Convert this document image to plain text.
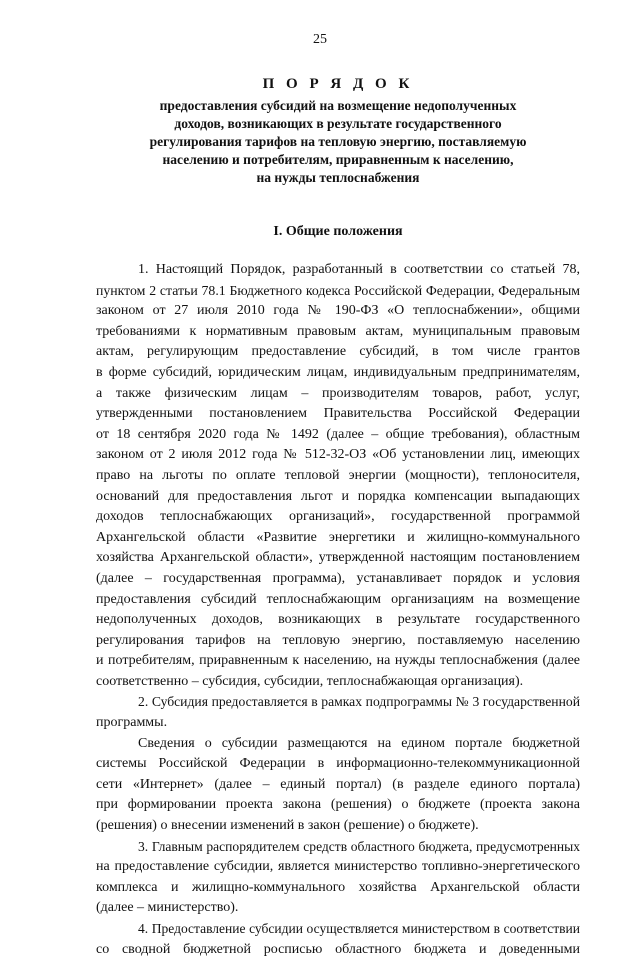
25
П О Р Я Д О К
предоставления субсидий на возмещение недополученных
доходов, возникающих в результате государственного
регулирования тарифов на тепловую энергию, поставляемую
населению и потребителям, приравненным к населению,
на нужды теплоснабжения
I. Общие положения

1. Настоящий Порядок, разработанный в соответствии со статьей 78,

пунктом 2 статьи 78.1 Бюджетного кодекса Российской Федерации, Федеральным

законом от 27 июля 2010 года № 190-ФЗ «О теплоснабжении», общими

требованиями к нормативным правовым актам, муниципальным правовым

актам, регулирующим предоставление субсидий, в том числе грантов

в форме субсидий, юридическим лицам, индивидуальным предпринимателям,

а также физическим лицам – производителям товаров, работ, услуг,

утвержденными постановлением Правительства Российской Федерации

от 18 сентября 2020 года № 1492 (далее – общие требования), областным

законом от 2 июля 2012 года № 512-32-ОЗ «Об установлении лиц, имеющих

право на льготы по оплате тепловой энергии (мощности), теплоносителя,

оснований для предоставления льгот и порядка компенсации выпадающих

доходов теплоснабжающих организаций», государственной программой

Архангельской области «Развитие энергетики и жилищно-коммунального

хозяйства Архангельской области», утвержденной настоящим постановлением

(далее – государственная программа), устанавливает порядок и условия

предоставления субсидий теплоснабжающим организациям на возмещение

недополученных доходов, возникающих в результате государственного

регулирования тарифов на тепловую энергию, поставляемую населению

и потребителям, приравненным к населению, на нужды теплоснабжения (далее

соответственно – субсидия, субсидии, теплоснабжающая организация).

2. Субсидия предоставляется в рамках подпрограммы № 3 государственной

программы.

Сведения о субсидии размещаются на едином портале бюджетной

системы Российской Федерации в информационно-телекоммуникационной

сети «Интернет» (далее – единый портал) (в разделе единого портала)

при формировании проекта закона (решения) о бюджете (проекта закона

(решения) о внесении изменений в закон (решение) о бюджете).

3. Главным распорядителем средств областного бюджета, предусмотренных

на предоставление субсидии, является министерство топливно-энергетического

комплекса и жилищно-коммунального хозяйства Архангельской области

(далее – министерство).

4. Предоставление субсидии осуществляется министерством в соответствии

со сводной бюджетной росписью областного бюджета и доведенными
